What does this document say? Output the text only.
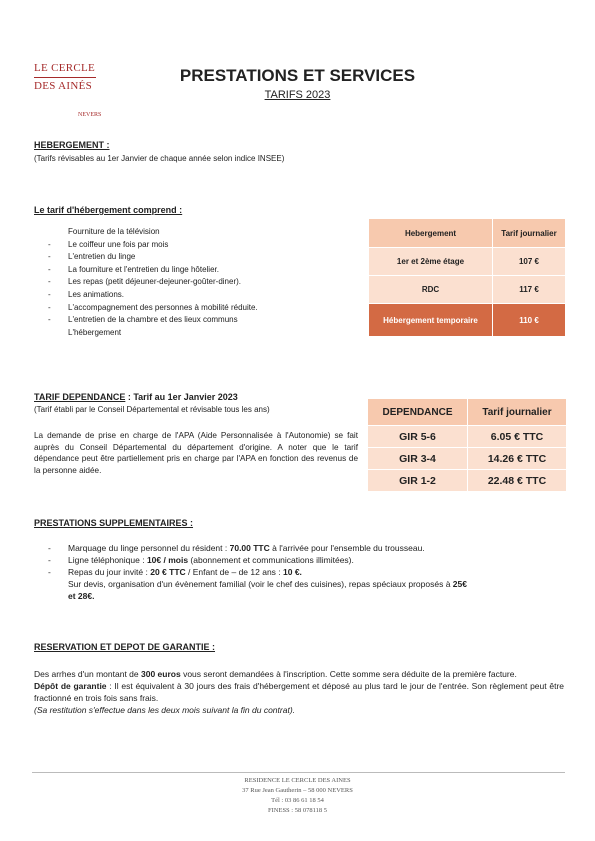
LE CERCLE
DES AINÉS
NEVERS
PRESTATIONS ET SERVICES
TARIFS 2023
HEBERGEMENT :
(Tarifs révisables au 1er Janvier de chaque année selon indice INSEE)
Le tarif d'hébergement comprend :
Fourniture de la télévision
- Le coiffeur une fois par mois
- L'entretien du linge
- La fourniture et l'entretien du linge hôtelier.
- Les repas (petit déjeuner-dejeuner-goûter-diner).
- Les animations.
- L'accompagnement des personnes à mobilité réduite.
- L'entretien de la chambre et des lieux communs
L'hébergement
Hebergement	Tarif journalier
1er et 2ème étage	107 €
RDC	117 €
Hébergement temporaire	110 €
TARIF DEPENDANCE : Tarif au 1er Janvier 2023
(Tarif établi par le Conseil Départemental et révisable tous les ans)
La demande de prise en charge de l'APA (Aide Personnalisée à l'Autonomie) se fait auprès du Conseil Départemental du département d'origine. A noter que le tarif dépendance peut être partiellement pris en charge par l'APA en fonction des revenus de la personne aidée.
DEPENDANCE	Tarif journalier
GIR 5-6	6.05 € TTC
GIR 3-4	14.26 € TTC
GIR 1-2	22.48 € TTC
PRESTATIONS SUPPLEMENTAIRES :
- Marquage du linge personnel du résident : 70.00 TTC à l'arrivée pour l'ensemble du trousseau.
- Ligne téléphonique : 10€ / mois (abonnement et communications illimitées).
- Repas du jour invité : 20 € TTC / Enfant de – de 12 ans : 10 €.
Sur devis, organisation d'un évènement familial (voir le chef des cuisines), repas spéciaux proposés à 25€
et 28€.
RESERVATION ET DEPOT DE GARANTIE :
Des arrhes d'un montant de 300 euros vous seront demandées à l'inscription. Cette somme sera déduite de la première facture.
Dépôt de garantie : Il est équivalent à 30 jours des frais d'hébergement et déposé au plus tard le jour de l'entrée. Son règlement peut être fractionné en trois fois sans frais.
(Sa restitution s'effectue dans les deux mois suivant la fin du contrat).
RESIDENCE LE CERCLE DES AINES
37 Rue Jean Gautherin – 58 000 NEVERS
Tél : 03 86 61 18 54
FINESS : 58 078118 5
